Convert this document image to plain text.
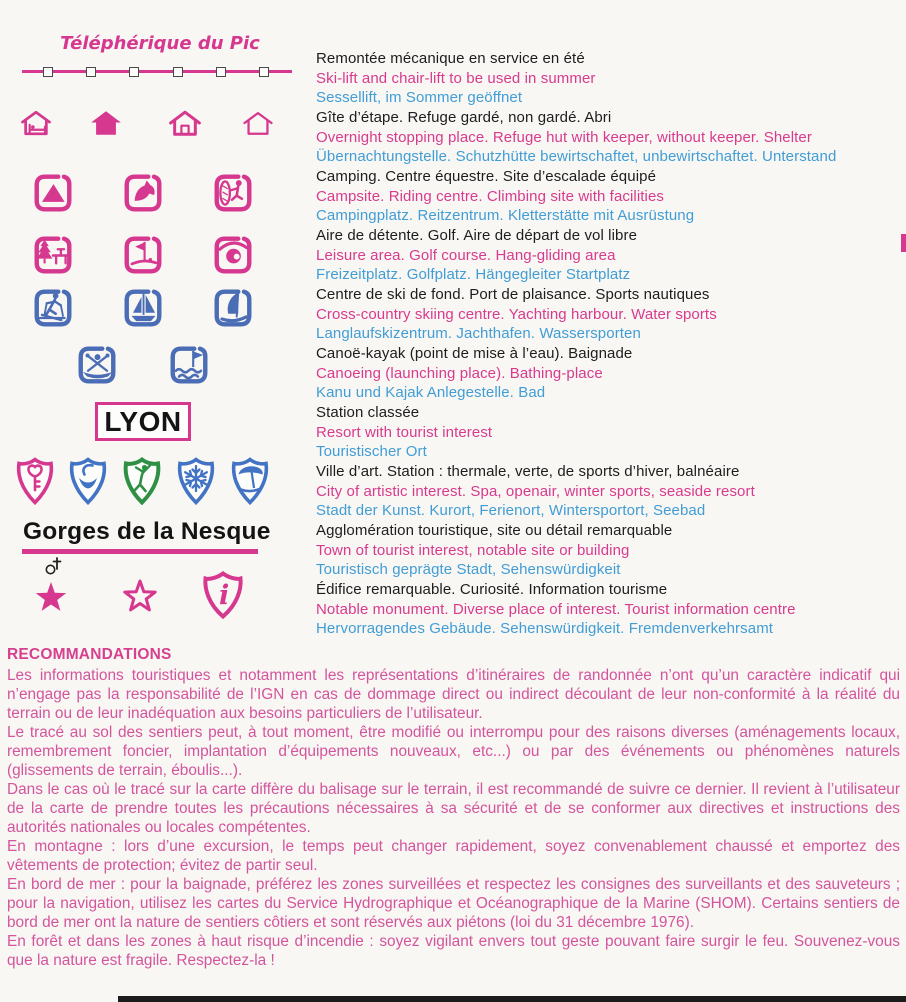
Téléphérique du Pic
LYON
Gorges de la Nesque
i
Remontée mécanique en service en été
Ski-lift and chair-lift to be used in summer
Sessellift, im Sommer geöffnet
Gîte d’étape. Refuge gardé, non gardé. Abri
Overnight stopping place. Refuge hut with keeper, without keeper. Shelter
Übernachtungstelle. Schutzhütte bewirtschaftet, unbewirtschaftet. Unterstand
Camping. Centre équestre. Site d’escalade équipé
Campsite. Riding centre. Climbing site with facilities
Campingplatz. Reitzentrum. Kletterstätte mit Ausrüstung
Aire de détente. Golf. Aire de départ de vol libre
Leisure area. Golf course. Hang-gliding area
Freizeitplatz. Golfplatz. Hängegleiter Startplatz
Centre de ski de fond. Port de plaisance. Sports nautiques
Cross-country skiing centre. Yachting harbour. Water sports
Langlaufskizentrum. Jachthafen. Wassersporten
Canoë-kayak (point de mise à l’eau). Baignade
Canoeing (launching place). Bathing-place
Kanu und Kajak Anlegestelle. Bad
Station classée
Resort with tourist interest
Touristischer Ort
Ville d’art. Station : thermale, verte, de sports d’hiver, balnéaire
City of artistic interest. Spa, openair, winter sports, seaside resort
Stadt der Kunst. Kurort, Ferienort, Wintersportort, Seebad
Agglomération touristique, site ou détail remarquable
Town of tourist interest, notable site or building
Touristisch geprägte Stadt, Sehenswürdigkeit
Édifice remarquable. Curiosité. Information tourisme
Notable monument. Diverse place of interest. Tourist information centre
Hervorragendes Gebäude. Sehenswürdigkeit. Fremdenverkehrsamt
RECOMMANDATIONS

Les informations touristiques et notamment les représentations d’itinéraires de randonnée n’ont qu’un caractère indicatif qui n’engage pas la responsabilité de l’IGN en cas de dommage direct ou indirect découlant de leur non-conformité à la réalité du terrain ou de leur inadéquation aux besoins particuliers de l’utilisateur.

Le tracé au sol des sentiers peut, à tout moment, être modifié ou interrompu pour des raisons diverses (aménagements locaux, remembrement foncier, implantation d’équipements nouveaux, etc...) ou par des événements ou phénomènes naturels (glissements de terrain, éboulis...).

Dans le cas où le tracé sur la carte diffère du balisage sur le terrain, il est recommandé de suivre ce dernier. Il revient à l’utilisateur de la carte de prendre toutes les précautions nécessaires à sa sécurité et de se conformer aux directives et instructions des autorités nationales ou locales compétentes.

En montagne : lors d’une excursion, le temps peut changer rapidement, soyez convenablement chaussé et emportez des vêtements de protection; évitez de partir seul.

En bord de mer : pour la baignade, préférez les zones surveillées et respectez les consignes des surveillants et des sauveteurs ; pour la navigation, utilisez les cartes du Service Hydrographique et Océanographique de la Marine (SHOM). Certains sentiers de bord de mer ont la nature de sentiers côtiers et sont réservés aux piétons (loi du 31 décembre 1976).

En forêt et dans les zones à haut risque d’incendie : soyez vigilant envers tout geste pouvant faire surgir le feu. Souvenez-vous que la nature est fragile. Respectez-la !
